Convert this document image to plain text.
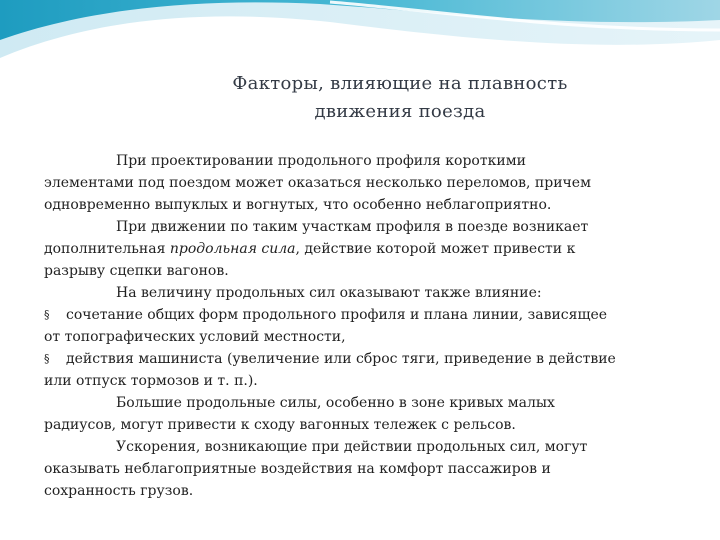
Факторы, влияющие на плавность
движения поезда
При проектировании продольного профиля короткими
элементами под поездом может оказаться несколько переломов, причем
одновременно выпуклых и вогнутых, что особенно неблагоприятно.
При движении по таким участкам профиля в поезде возникает
дополнительная продольная сила, действие которой может привести к
разрыву сцепки вагонов.
На величину продольных сил оказывают также влияние:
§ сочетание общих форм продольного профиля и плана линии, зависящее
от топографических условий местности,
§ действия машиниста (увеличение или сброс тяги, приведение в действие
или отпуск тормозов и т. п.).
Большие продольные силы, особенно в зоне кривых малых
радиусов, могут привести к сходу вагонных тележек с рельсов.
Ускорения, возникающие при действии продольных сил, могут
оказывать неблагоприятные воздействия на комфорт пассажиров и
сохранность грузов.
